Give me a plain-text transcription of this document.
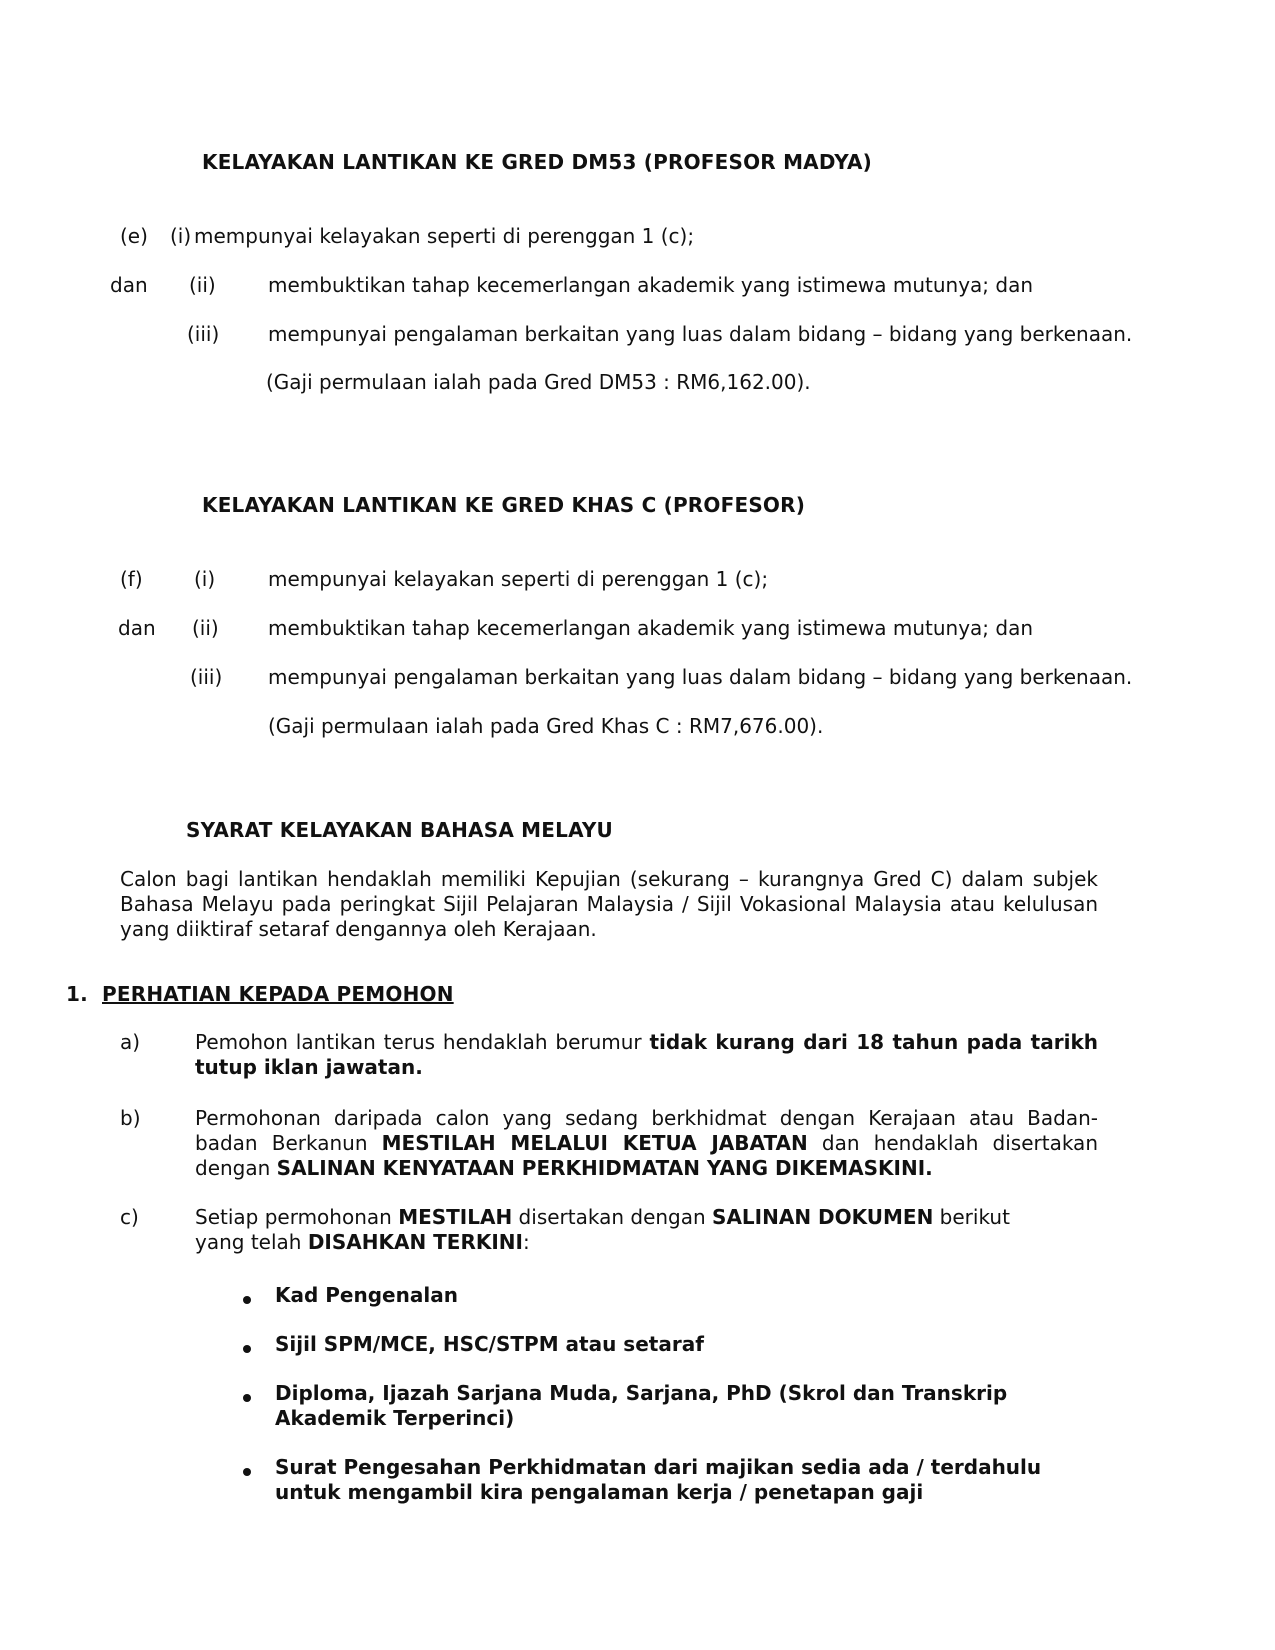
KELAYAKAN LANTIKAN KE GRED DM53 (PROFESOR MADYA)
(e) (i) mempunyai kelayakan seperti di perenggan 1 (c);
dan (ii)	membuktikan tahap kecemerlangan akademik yang istimewa mutunya; dan
(iii) mempunyai pengalaman berkaitan yang luas dalam bidang – bidang yang berkenaan.
(Gaji permulaan ialah pada Gred DM53 : RM6,162.00).
KELAYAKAN LANTIKAN KE GRED KHAS C (PROFESOR)
(f)	(i)	mempunyai kelayakan seperti di perenggan 1 (c);
dan (ii) membuktikan tahap kecemerlangan akademik yang istimewa mutunya; dan
(iii) mempunyai pengalaman berkaitan yang luas dalam bidang – bidang yang berkenaan.
(Gaji permulaan ialah pada Gred Khas C : RM7,676.00).
SYARAT KELAYAKAN BAHASA MELAYU
Calon bagi lantikan hendaklah memiliki Kepujian (sekurang – kurangnya Gred C) dalam subjek Bahasa Melayu pada peringkat Sijil Pelajaran Malaysia / Sijil Vokasional Malaysia atau kelulusan yang diiktiraf setaraf dengannya oleh Kerajaan.
1. PERHATIAN KEPADA PEMOHON
a)	Pemohon lantikan terus hendaklah berumur tidak kurang dari 18 tahun pada tarikh tutup iklan jawatan.
b)	Permohonan daripada calon yang sedang berkhidmat dengan Kerajaan atau Badan-badan Berkanun MESTILAH MELALUI KETUA JABATAN dan hendaklah disertakan dengan SALINAN KENYATAAN PERKHIDMATAN YANG DIKEMASKINI.
c)	Setiap permohonan MESTILAH disertakan dengan SALINAN DOKUMEN berikut yang telah DISAHKAN TERKINI:
Kad Pengenalan
Sijil SPM/MCE, HSC/STPM atau setaraf
Diploma, Ijazah Sarjana Muda, Sarjana, PhD (Skrol dan Transkrip Akademik Terperinci)
Surat Pengesahan Perkhidmatan dari majikan sedia ada / terdahulu untuk mengambil kira pengalaman kerja / penetapan gaji
